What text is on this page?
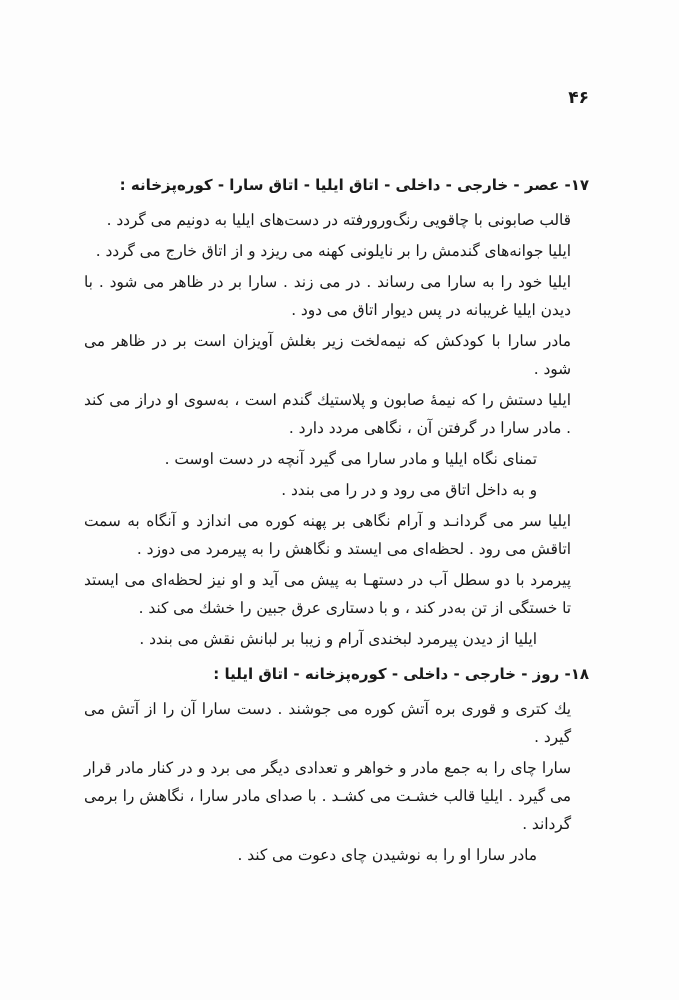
۴۶
۱۷- عصر - خارجی - داخلی - اتاق ایلیا - اتاق سارا - کوره‌پزخانه :
قالب صابونی با چاقویی رنگ‌ورورفته در دست‌های ایلیا به دونیم می گردد .
ایلیا جوانه‌های گندمش را بر نایلونی کهنه می ریزد و از اتاق خارج می گردد .
ایلیا خود را به سارا می رساند . در می زند . سارا بر در ظاهر می شود . با دیدن ایلیا غریبانه در پس دیوار اتاق می دود .
مادر سارا با کودکش که نیمه‌لخت زیر بغلش آویزان است بر در ظاهر می شود .
ایلیا دستش را که نیمهٔ صابون و پلاستیك گندم است ، به‌سوی او دراز می کند . مادر سارا در گرفتن آن ، نگاهی مردد دارد .
تمنای نگاه ایلیا و مادر سارا می گیرد آنچه در دست اوست .
و به داخل اتاق می رود و در را می بندد .
ایلیا سر می گردانـد و آرام نگاهی بر پهنه کوره می اندازد و آنگاه به سمت اتاقش می رود . لحظه‌ای می ایستد و نگاهش را به پیرمرد می دوزد .
پیرمرد با دو سطل آب در دستهـا به پیش می آید و او نیز لحظه‌ای می ایستد تا خستگی از تن به‌در کند ، و با دستاری عرق جبین را خشك می کند .
ایلیا از دیدن پیرمرد لبخندی آرام و زیبا بر لبانش نقش می بندد .
۱۸- روز - خارجی - داخلی - کوره‌پزخانه - اتاق ایلیا :
یك کتری و قوری بر‌ه آتش کوره می جوشند . دست سارا آن را از آتش می گیرد .
سارا چای را به جمع مادر و خواهر و تعدادی دیگر می برد و در کنار مادر قرار می گیرد . ایلیا قالب خشـت می کشـد . با صدای مادر سارا ، نگاهش را برمی گرداند .
مادر سارا او را به نوشیدن چای دعوت می کند .
